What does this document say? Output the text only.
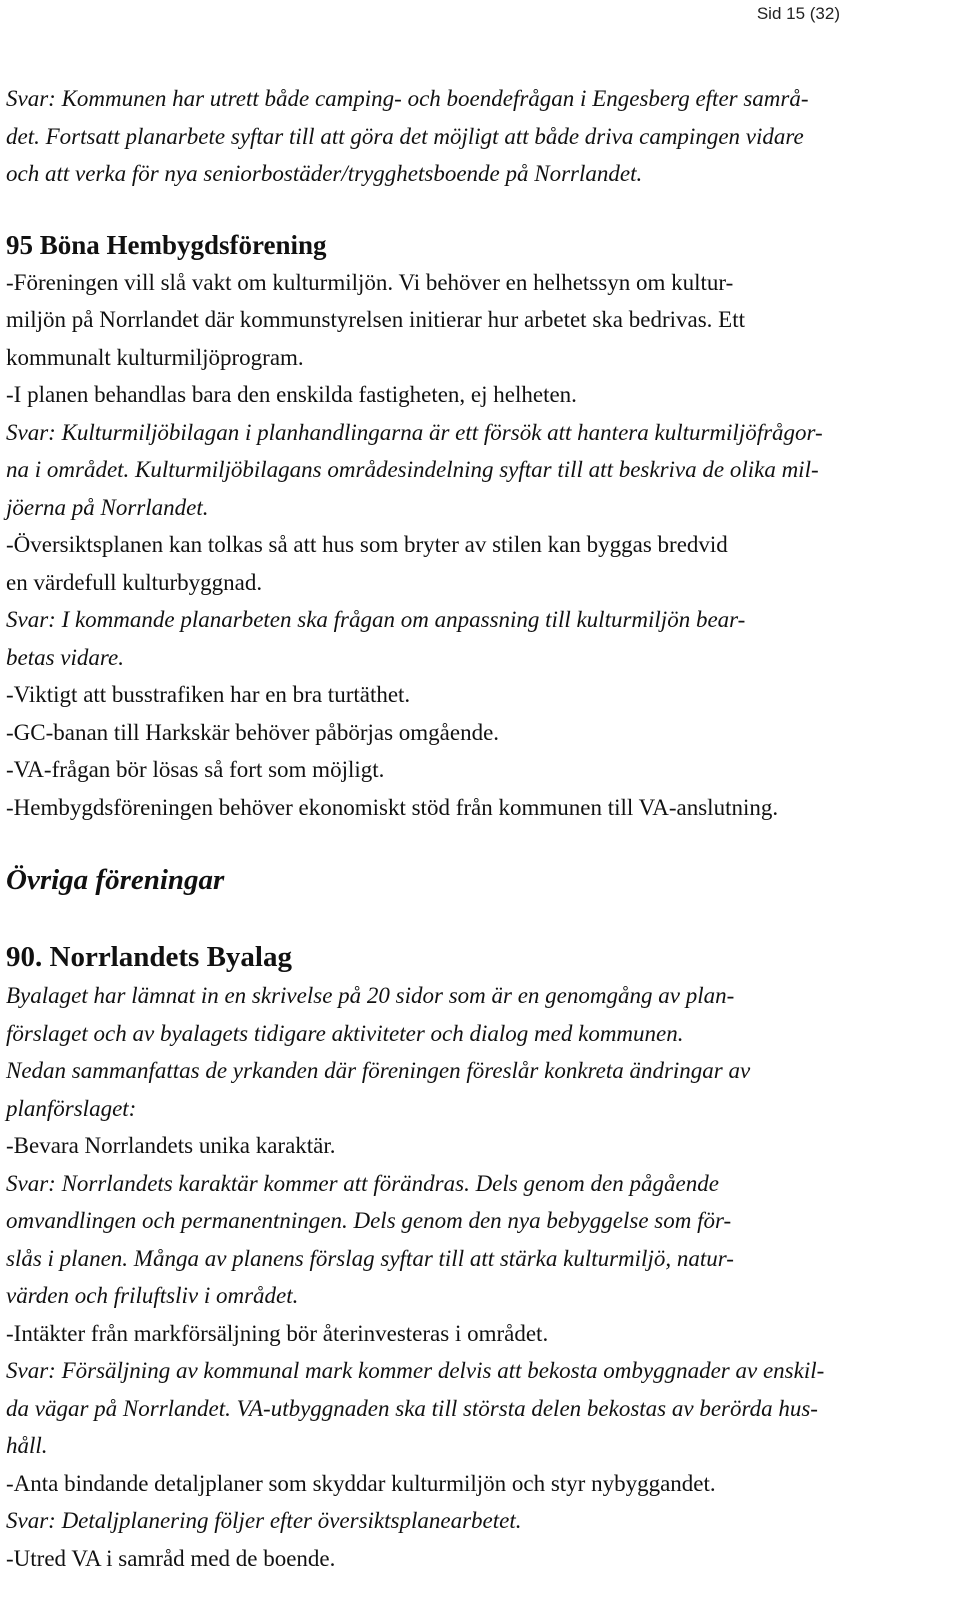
Sid 15 (32)
Svar: Kommunen har utrett både camping- och boendefrågan i Engesberg efter samrå-
det. Fortsatt planarbete syftar till att göra det möjligt att både driva campingen vidare
och att verka för nya seniorbostäder/trygghetsboende på Norrlandet.
95 Böna Hembygdsförening
-Föreningen vill slå vakt om kulturmiljön. Vi behöver en helhetssyn om kultur-
miljön på Norrlandet där kommunstyrelsen initierar hur arbetet ska bedrivas. Ett
kommunalt kulturmiljöprogram.
-I planen behandlas bara den enskilda fastigheten, ej helheten.
Svar: Kulturmiljöbilagan i planhandlingarna är ett försök att hantera kulturmiljöfrågor-
na i området. Kulturmiljöbilagans områdesindelning syftar till att beskriva de olika mil-
jöerna på Norrlandet.
-Översiktsplanen kan tolkas så att hus som bryter av stilen kan byggas bredvid
en värdefull kulturbyggnad.
Svar: I kommande planarbeten ska frågan om anpassning till kulturmiljön bear-
betas vidare.
-Viktigt att busstrafiken har en bra turtäthet.
-GC-banan till Harkskär behöver påbörjas omgående.
-VA-frågan bör lösas så fort som möjligt.
-Hembygdsföreningen behöver ekonomiskt stöd från kommunen till VA-anslutning.
Övriga föreningar
90. Norrlandets Byalag
Byalaget har lämnat in en skrivelse på 20 sidor som är en genomgång av plan-
förslaget och av byalagets tidigare aktiviteter och dialog med kommunen.
Nedan sammanfattas de yrkanden där föreningen föreslår konkreta ändringar av
planförslaget:
-Bevara Norrlandets unika karaktär.
Svar: Norrlandets karaktär kommer att förändras. Dels genom den pågående
omvandlingen och permanentningen. Dels genom den nya bebyggelse som för-
slås i planen. Många av planens förslag syftar till att stärka kulturmiljö, natur-
värden och friluftsliv i området.
-Intäkter från markförsäljning bör återinvesteras i området.
Svar: Försäljning av kommunal mark kommer delvis att bekosta ombyggnader av enskil-
da vägar på Norrlandet. VA-utbyggnaden ska till största delen bekostas av berörda hus-
håll.
-Anta bindande detaljplaner som skyddar kulturmiljön och styr nybyggandet.
Svar: Detaljplanering följer efter översiktsplanearbetet.
-Utred VA i samråd med de boende.
